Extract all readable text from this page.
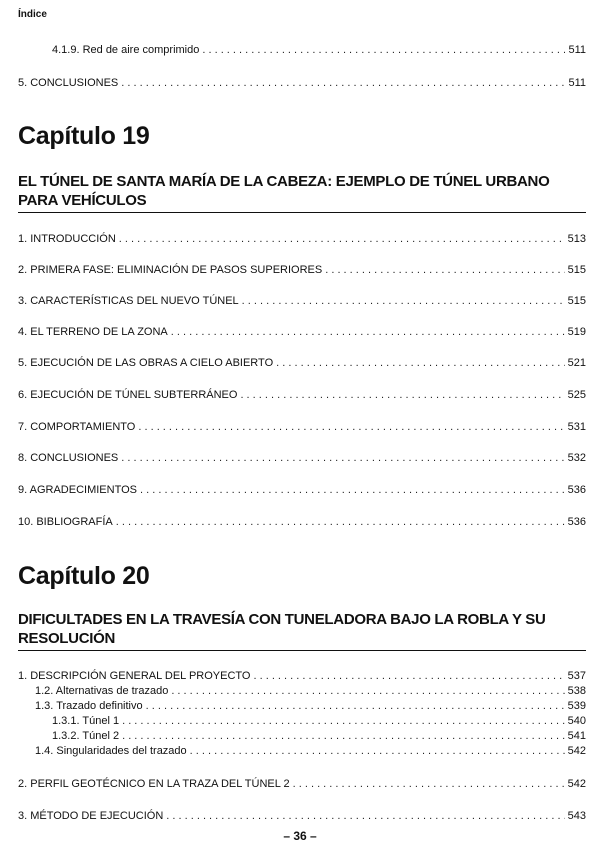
Índice
4.1.9. Red de aire comprimido . . .	511
5. CONCLUSIONES . . .	511
Capítulo 19
EL TÚNEL DE SANTA MARÍA DE LA CABEZA: EJEMPLO DE TÚNEL URBANO PARA VEHÍCULOS
1. INTRODUCCIÓN . . .	513
2. PRIMERA FASE: ELIMINACIÓN DE PASOS SUPERIORES . . .	515
3. CARACTERÍSTICAS DEL NUEVO TÚNEL . . .	515
4. EL TERRENO DE LA ZONA . . .	519
5. EJECUCIÓN DE LAS OBRAS A CIELO ABIERTO . . .	521
6. EJECUCIÓN DE TÚNEL SUBTERRÁNEO . . .	525
7. COMPORTAMIENTO . . .	531
8. CONCLUSIONES . . .	532
9. AGRADECIMIENTOS . . .	536
10. BIBLIOGRAFÍA . . .	536
Capítulo 20
DIFICULTADES EN LA TRAVESÍA CON TUNELADORA BAJO LA ROBLA Y SU RESOLUCIÓN
1. DESCRIPCIÓN GENERAL DEL PROYECTO . . .	537
1.2. Alternativas de trazado . . .	538
1.3. Trazado definitivo . . .	539
1.3.1. Túnel 1 . . .	540
1.3.2. Túnel 2 . . .	541
1.4. Singularidades del trazado . . .	542
2. PERFIL GEOTÉCNICO EN LA TRAZA DEL TÚNEL 2 . . .	542
3. MÉTODO DE EJECUCIÓN . . .	543
– 36 –
